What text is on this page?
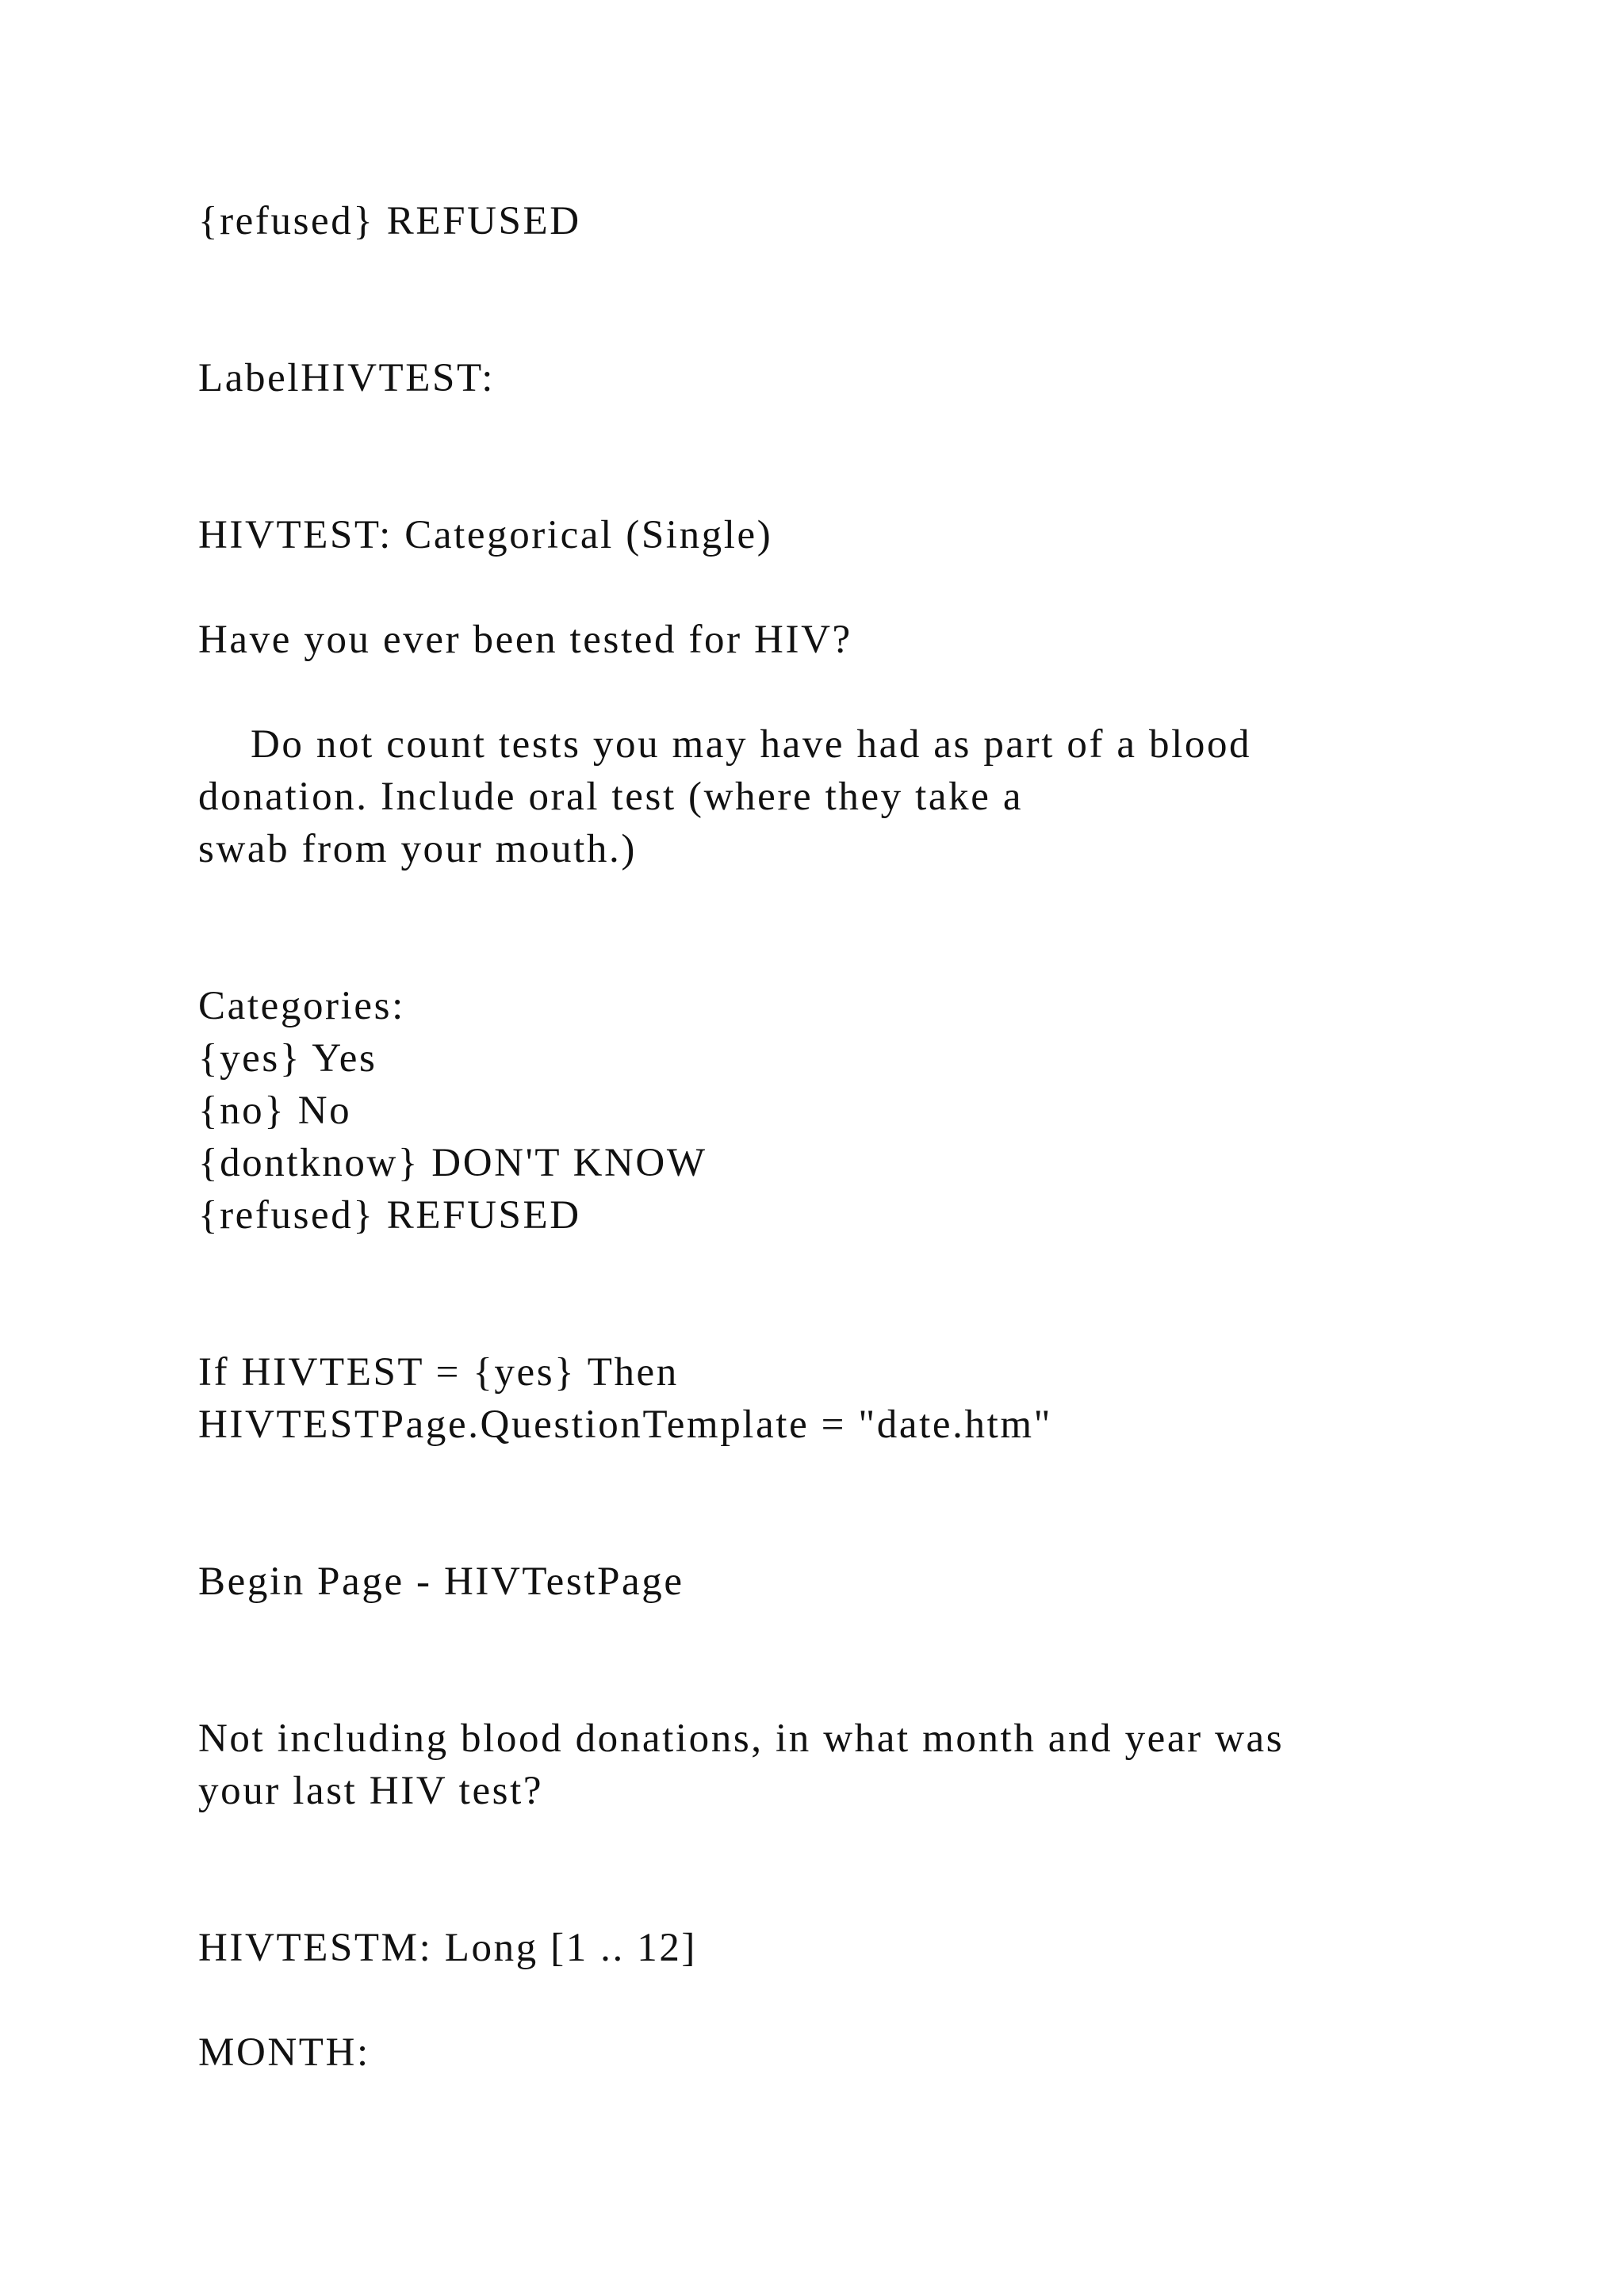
{refused} REFUSED

LabelHIVTEST:

HIVTEST: Categorical (Single)

Have you ever been tested for HIV?

Do not count tests you may have had as part of a blood

donation. Include oral test (where they take a

swab from your mouth.)

Categories:

{yes} Yes

{no} No

{dontknow} DON'T KNOW

{refused} REFUSED

If HIVTEST = {yes} Then

HIVTESTPage.QuestionTemplate = "date.htm"

Begin Page - HIVTestPage

Not including blood donations, in what month and year was

your last HIV test?

HIVTESTM: Long [1 .. 12]

MONTH:
